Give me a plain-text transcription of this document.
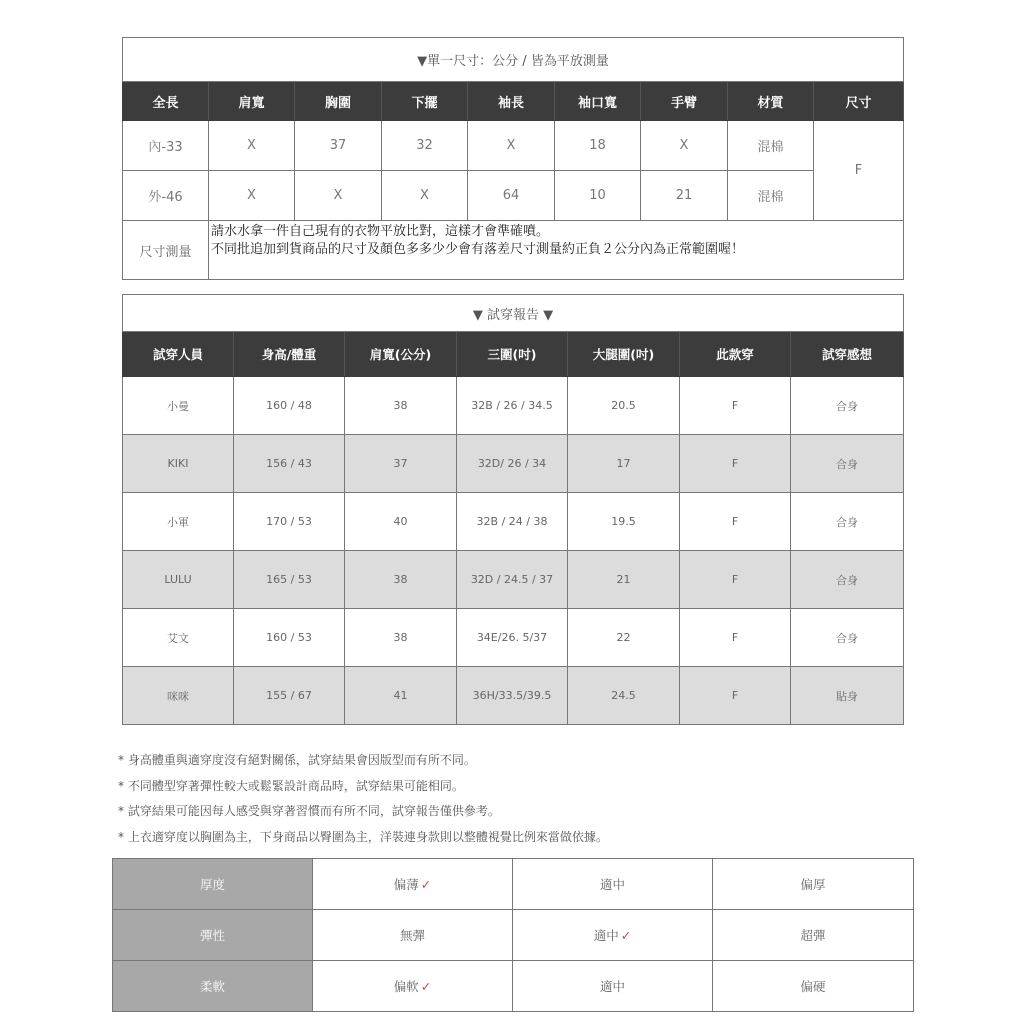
▼單一尺寸：公分 / 皆為平放測量								
全長	肩寬	胸圍	下擺	袖長	袖口寬	手臂	材質	尺寸
內-33	X	37	32	X	18	X	混棉	F
外-46	X	X	X	64	10	21	混棉	
尺寸測量	請水水拿一件自己現有的衣物平放比對，這樣才會準確噴。
不同批追加到貨商品的尺寸及顏色多多少少會有落差尺寸測量約正負２公分內為正常範圍喔！							
▼ 試穿報告 ▼						
試穿人員	身高/體重	肩寬(公分)	三圍(吋)	大腿圍(吋)	此款穿	試穿感想
小曼	160 / 48	38	32B / 26 / 34.5	20.5	F	合身
KIKI	156 / 43	37	32D/ 26 / 34	17	F	合身
小軍	170 / 53	40	32B / 24 / 38	19.5	F	合身
LULU	165 / 53	38	32D / 24.5 / 37	21	F	合身
艾文	160 / 53	38	34E/26. 5/37	22	F	合身
咪咪	155 / 67	41	36H/33.5/39.5	24.5	F	貼身
* 身高體重與適穿度沒有絕對關係，試穿結果會因版型而有所不同。
* 不同體型穿著彈性較大或鬆緊設計商品時，試穿結果可能相同。
* 試穿結果可能因每人感受與穿著習慣而有所不同，試穿報告僅供參考。
* 上衣適穿度以胸圍為主，下身商品以臀圍為主，洋裝連身款則以整體視覺比例來當做依據。
厚度	偏薄 ✓	適中	偏厚
彈性	無彈	適中 ✓	超彈
柔軟	偏軟 ✓	適中	偏硬
